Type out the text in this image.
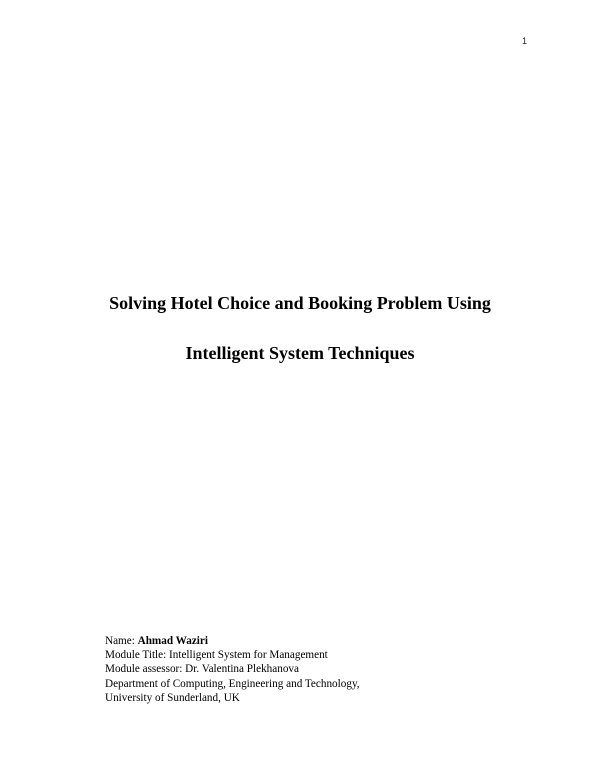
1
Solving Hotel Choice and Booking Problem Using
Intelligent System Techniques
Name: Ahmad Waziri
Module Title: Intelligent System for Management
Module assessor: Dr. Valentina Plekhanova
Department of Computing, Engineering and Technology,
University of Sunderland, UK
